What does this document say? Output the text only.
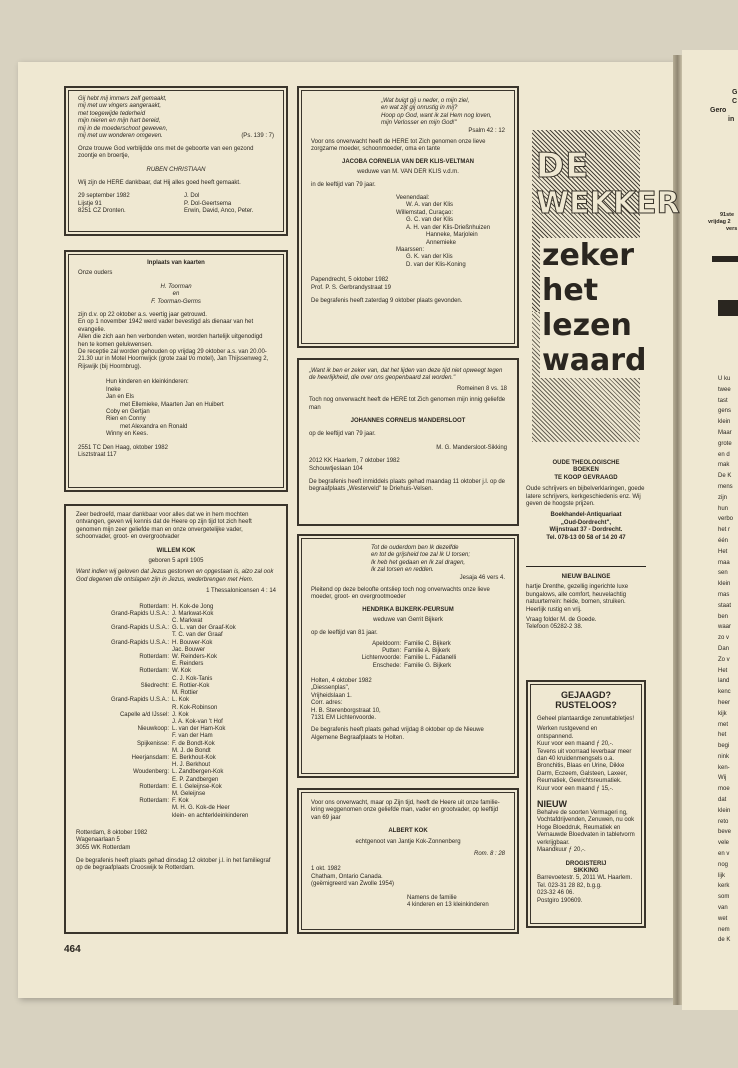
Gij hebt mij immers zelf gemaakt,
mij met uw vingers aangeraakt,
met toegewijde tederheid
mijn nieren en mijn hart bereid,
mij in de moederschoot geweven,
mij met uw wonderen omgeven.	(Ps. 139 : 7)

Onze trouwe God verblijdde ons met de geboorte van een gezond zoontje en broertje,

RUBEN CHRISTIAAN

Wij zijn de HERE dankbaar, dat Hij alles goed heeft gemaakt.

29 september 1982
Lijstje 91
8251 CZ Dronten.
J. Dol
P. Dol-Geertsema
Erwin, David, Anco, Peter.

Inplaats van kaarten

Onze ouders

H. Toorman
en
F. Toorman-Germs
zijn d.v. op 22 oktober a.s. veertig jaar getrouwd.
En op 1 november 1942 werd vader bevestigd als dienaar van het evangelie.
Allen die zich aan hen verbonden weten, worden hartelijk uitgenodigd hen te komen gelukwensen.
De receptie zal worden gehouden op vrijdag 29 oktober a.s. van 20.00-21.30 uur in Motel Hoornwijck (grote zaal t/o motel), Jan Thijssenweg 2, Rijswijk (bij Hoornbrug).
Hun kinderen en kleinkinderen:
Ineke
Jan en Els
met Ellemieke, Maarten Jan en Huibert
Coby en Gertjan
Rien en Conny
met Alexandra en Ronald
Winny en Kees.
2551 TC Den Haag, oktober 1982
Lisztstraat 117

Zeer bedroefd, maar dankbaar voor alles dat we in hem mochten ontvangen, geven wij kennis dat de Heere op zijn tijd tot zich heeft genomen mijn zeer geliefde man en onze onvergetelijke vader, schoonvader, groot- en overgrootvader

WILLEM KOK

geboren 5 april 1905

Want indien wij geloven dat Jezus gestorven en opgestaan is, alzo zal ook God degenen die ontslapen zijn in Jezus, wederbrengen met Hem.

1 Thessalonicensen 4 : 14

Rotterdam:	H. Kok-de Jong
Grand-Rapids U.S.A.:	J. Markwat-Kok
	C. Markwat
Grand-Rapids U.S.A.:	G. L. van der Graaf-Kok
	T. C. van der Graaf
Grand-Rapids U.S.A.:	H. Bouwer-Kok
	Jac. Bouwer
Rotterdam:	W. Reinders-Kok
	E. Reinders
Rotterdam:	W. Kok
	C. J. Kok-Tanis
Sliedrecht:	E. Rottier-Kok
	M. Rottier
Grand-Rapids U.S.A.:	L. Kok
	R. Kok-Robinson
Capelle a/d IJssel:	J. Kok
	J. A. Kok-van 't Hof
Nieuwkoop:	L. van der Ham-Kok
	F. van der Ham
Spijkenisse:	F. de Bondt-Kok
	M. J. de Bondt
Heerjansdam:	E. Berkhout-Kok
	H. J. Berkhout
Woudenberg:	L. Zandbergen-Kok
	E. P. Zandbergen
Rotterdam:	E. I. Geleijnse-Kok
	M. Geleijnse
Rotterdam:	F. Kok
	M. H. G. Kok-de Heer
	klein- en achterkleinkinderen
Rotterdam, 8 oktober 1982
Wagenaarlaan 5
3055 WK Rotterdam

De begrafenis heeft plaats gehad dinsdag 12 oktober j.l. in het familiegraf op de begraafplaats Crooswijk te Rotterdam.

„Wat buigt gij u neder, o mijn ziel,
en wat zijt gij onrustig in mij?
Hoop op God, want ik zal Hem nog loven,
mijn Verlosser en mijn God!"

Psalm 42 : 12

Voor ons onverwacht heeft de HERE tot Zich genomen onze lieve zorgzame moeder, schoonmoeder, oma en tante

JACOBA CORNELIA VAN DER KLIS-VELTMAN

weduwe van M. VAN DER KLIS v.d.m.

in de leeftijd van 79 jaar.

Veenendaal:
W. A. van der Klis
Willemstad, Curaçao:
G. C. van der Klis
A. H. van der Klis-Drießnhuizen
Hanneke, Marjolein
Annemieke
Maarssen:
G. K. van der Klis
D. van der Klis-Koning
Papendrecht, 5 oktober 1982
Prof. P. S. Gerbrandystraat 19

De begrafenis heeft zaterdag 9 oktober plaats gevonden.

„Want ik ben er zeker van, dat het lijden van deze tijd niet opweegt tegen de heerlijkheid, die over ons geopenbaard zal worden."

Romeinen 8 vs. 18

Toch nog onverwacht heeft de HERE tot Zich genomen mijn innig geliefde man

JOHANNES CORNELIS MANDERSLOOT

op de leeftijd van 79 jaar.

M. G. Mandersloot-Sikking

2012 KK Haarlem, 7 oktober 1982
Schouwtjeslaan 104

De begrafenis heeft inmiddels plaats gehad maandag 11 oktober j.l. op de begraafplaats „Westerveld" te Driehuis-Velsen.

Tot de ouderdom ben Ik dezelfde
en tot de grijsheid toe zal Ik U torsen;
Ik heb het gedaan en Ik zal dragen,
Ik zal torsen en redden.

Jesaja 46 vers 4.

Pleitend op deze beloofte ontsliep toch nog onverwachts onze lieve moeder, groot- en overgrootmoeder

HENDRIKA BIJKERK-PEURSUM

weduwe van Gerrit Bijkerk

op de leeftijd van 81 jaar.

Apeldoorn:	Familie C. Bijkerk
Putten:	Familie A. Bijkerk
Lichtenvoorde:	Familie L. Fadanelli
Enschede:	Familie G. Bijkerk
Holten, 4 oktober 1982
„Diessenplas",
Vrijheidslaan 1.
Corr. adres:
H. B. Sterenborgstraat 10,
7131 EM Lichtenvoorde.

De begrafenis heeft plaats gehad vrijdag 8 oktober op de Nieuwe Algemene Begraafplaats te Holten.

Voor ons onverwacht, maar op Zijn tijd, heeft de Heere uit onze familie-kring weggenomen onze geliefde man, vader en grootvader, op leeftijd van 69 jaar

ALBERT KOK

echtgenoot van Jantje Kok-Zonnenberg

Rom. 8 : 28

1 okt. 1982
Chatham, Ontario Canada.
(geëmigreerd van Zwolle 1954)
Namens de familie
4 kinderen en 13 kleinkinderen
DE
WEKKER
zeker
het
lezen
waard
OUDE THEOLOGISCHE
BOEKEN
TE KOOP GEVRAAGD

Oude schrijvers en bijbelverklaringen, goede latere schrijvers, kerkgeschiedenis enz. Wij geven de hoogste prijzen.

Boekhandel-Antiquariaat
„Oud-Dordrecht",
Wijnstraat 37 - Dordrecht.
Tel. 078-13 00 58 of 14 20 47
NIEUW BALINGE

hartje Drenthe, gezellig ingerichte luxe bungalows, alle comfort, heuvelachtig natuurterrein: heide, bomen, struiken. Heerlijk rustig en vrij.

Vraag folder M. de Goede.
Telefoon 05282-2 38.
GEJAAGD?
RUSTELOOS?

Geheel plantaardige zenuwtabletjes!

Werken rustgevend en ontspannend.
Kuur voor een maand ƒ 20,-.
Tevens uit voorraad leverbaar meer dan 40 kruidenmengsels o.a. Bronchitis, Blaas en Urine, Dikke Darm, Eczeem, Galsteen, Laxeer, Reumatiek, Gewichtsreumatiek.
Kuur voor een maand ƒ 15,-.
NIEUW
Behalve de soorten Vermageri ng, Vochtafdrijvenden, Zenuwen, nu ook Hoge Bloeddruk, Reumatiek en Vernauwde Bloedvaten in tabletvorm verkrijgbaar.
Maandkuur ƒ 20,-.
DROGISTERIJ
SIKKING
Barrevoetestr. 5, 2011 WL Haarlem.
Tel. 023-31 28 82, b.g.g.
023-32 46 06.
Postgiro 190609.
464
G
C
Gero
in
91ste
vrijdag 2
vers
U ku
twee
tast
gens
klein
Maar
grote
en d
mak
De K
mens
zijn
hun
verbo
het r
één
Het
maa
sen
klein
mas
staat
ben
waar
zo v
Dan
Zo v
Het
land
kenc
heer
kijk
met
het
begi
nink
ken-
Wij
moe
dat
klein
reto
beve
vele
en v
nog
lijk
kerk
som
van
wet
nem
de K
